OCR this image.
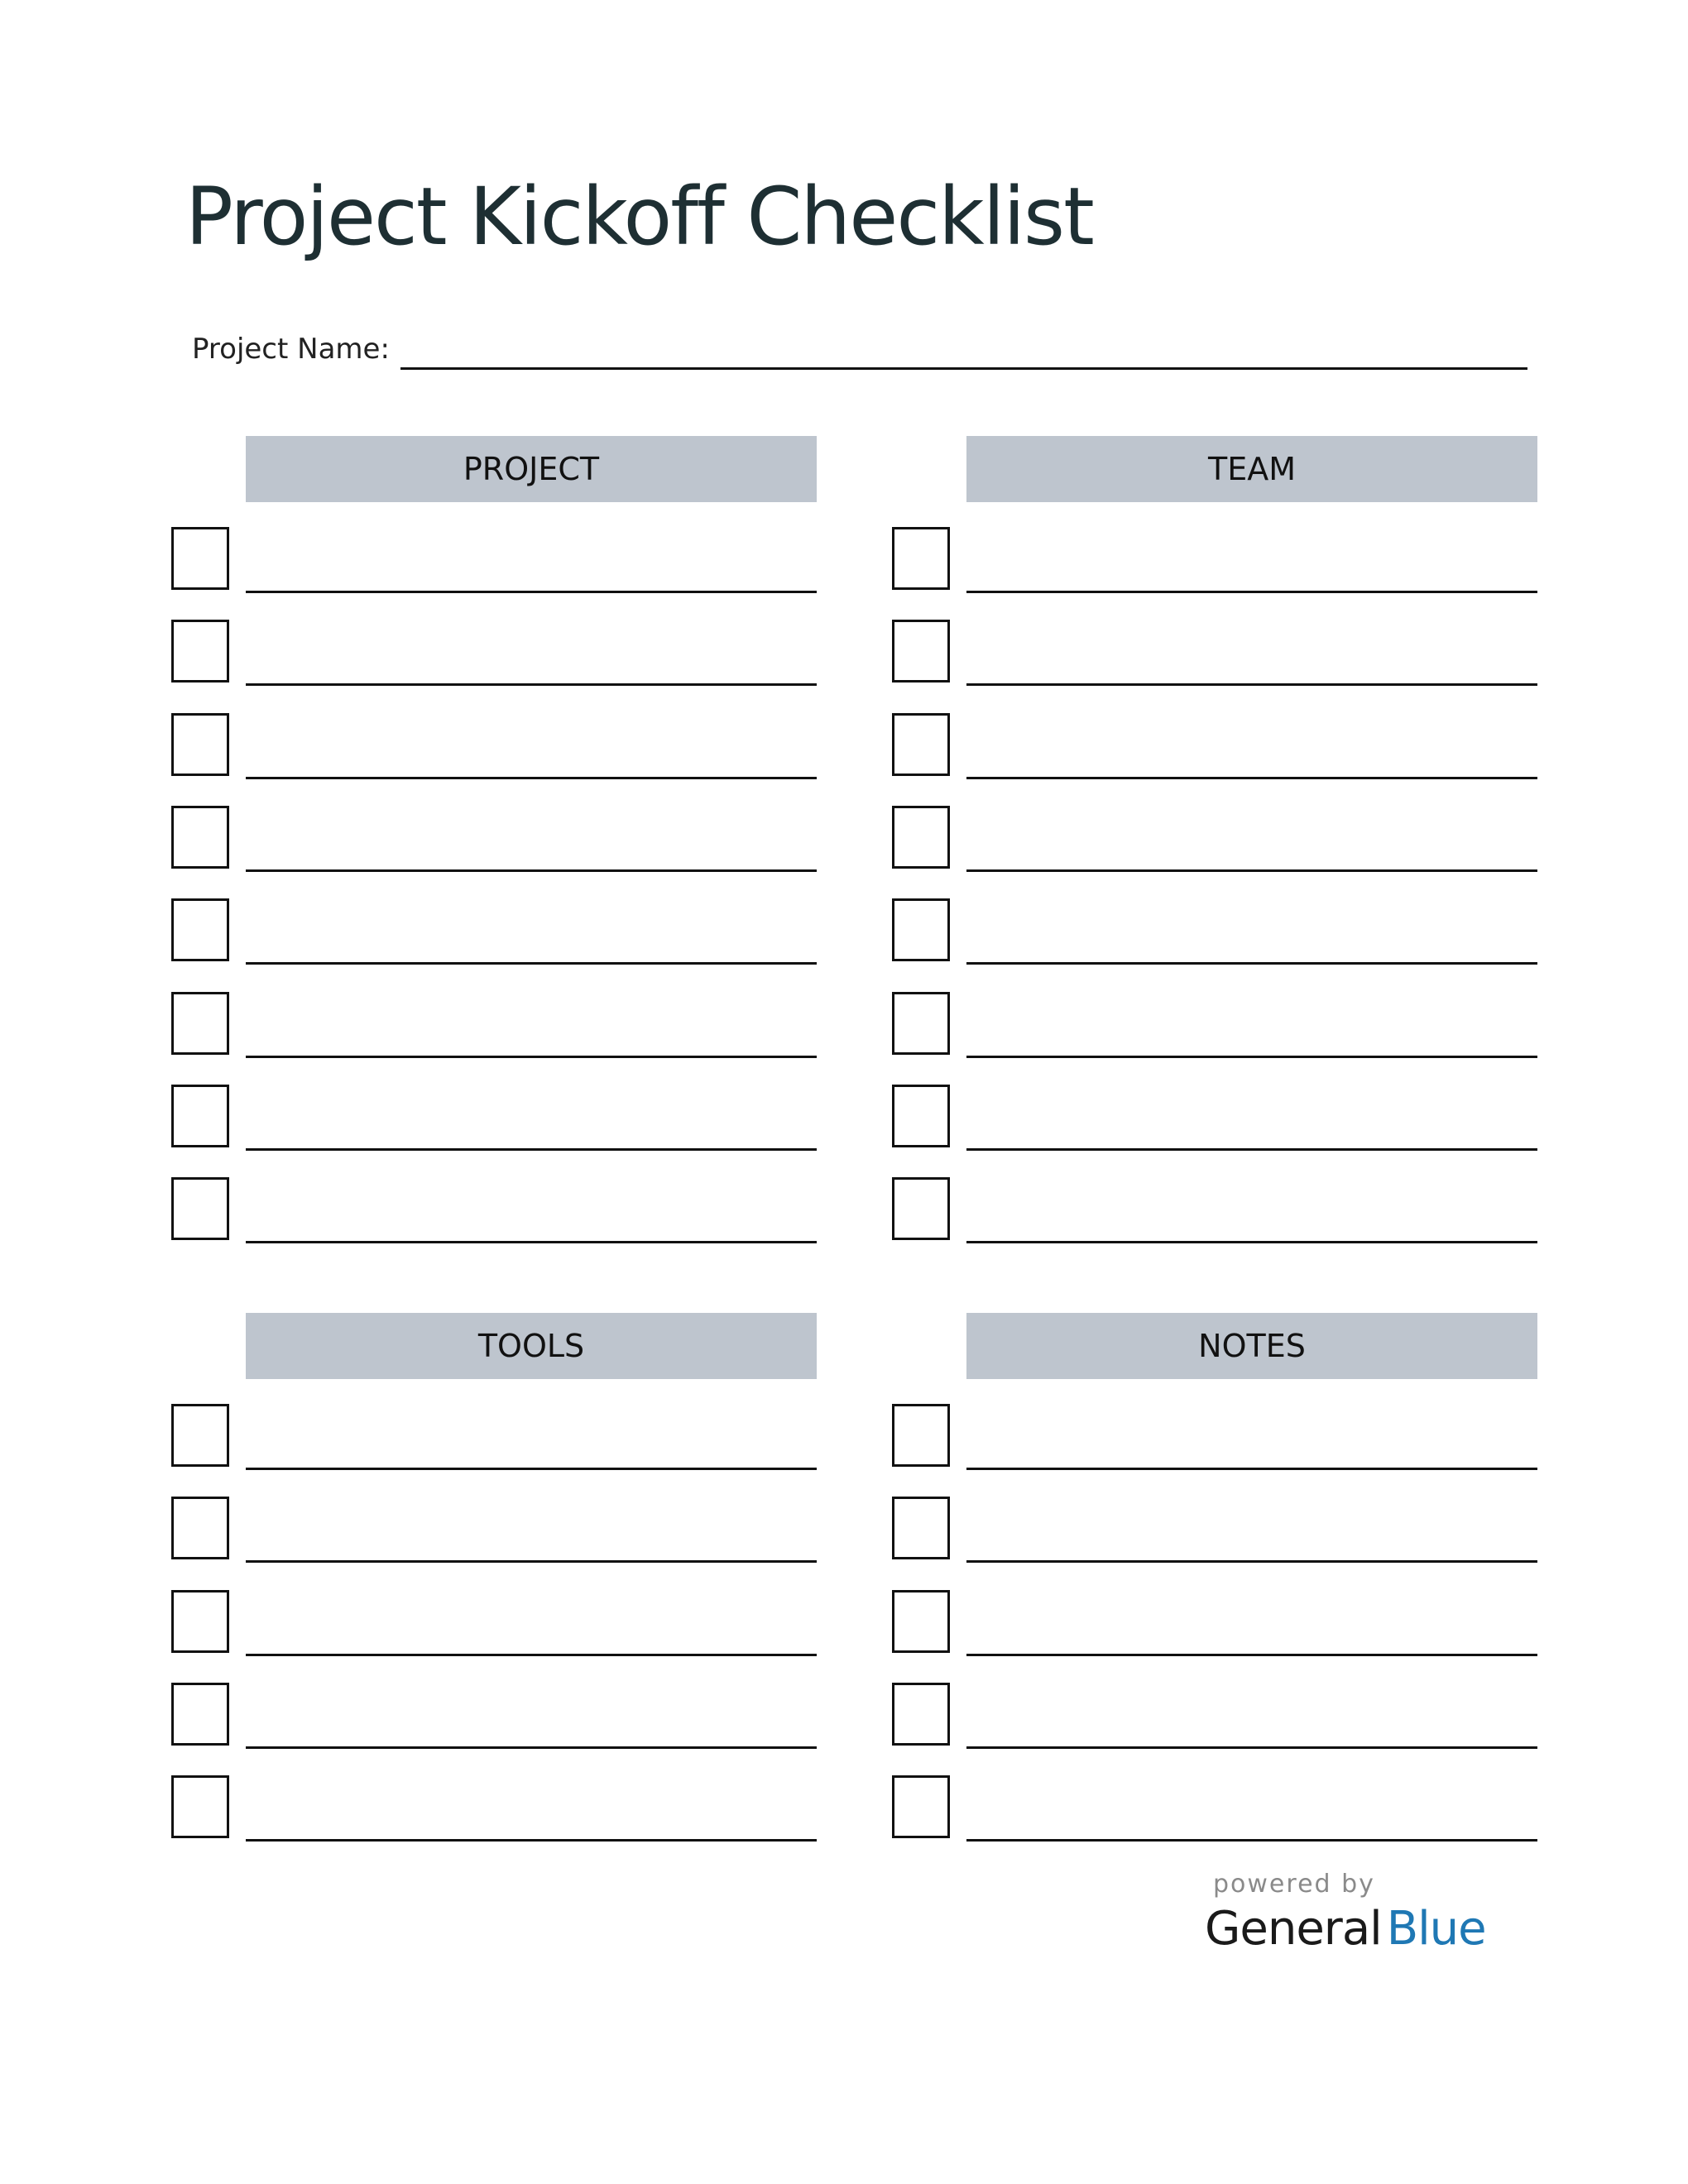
Project Kickoff Checklist
Project Name:
PROJECT	TEAM
TOOLS	NOTES
powered by
General Blue
